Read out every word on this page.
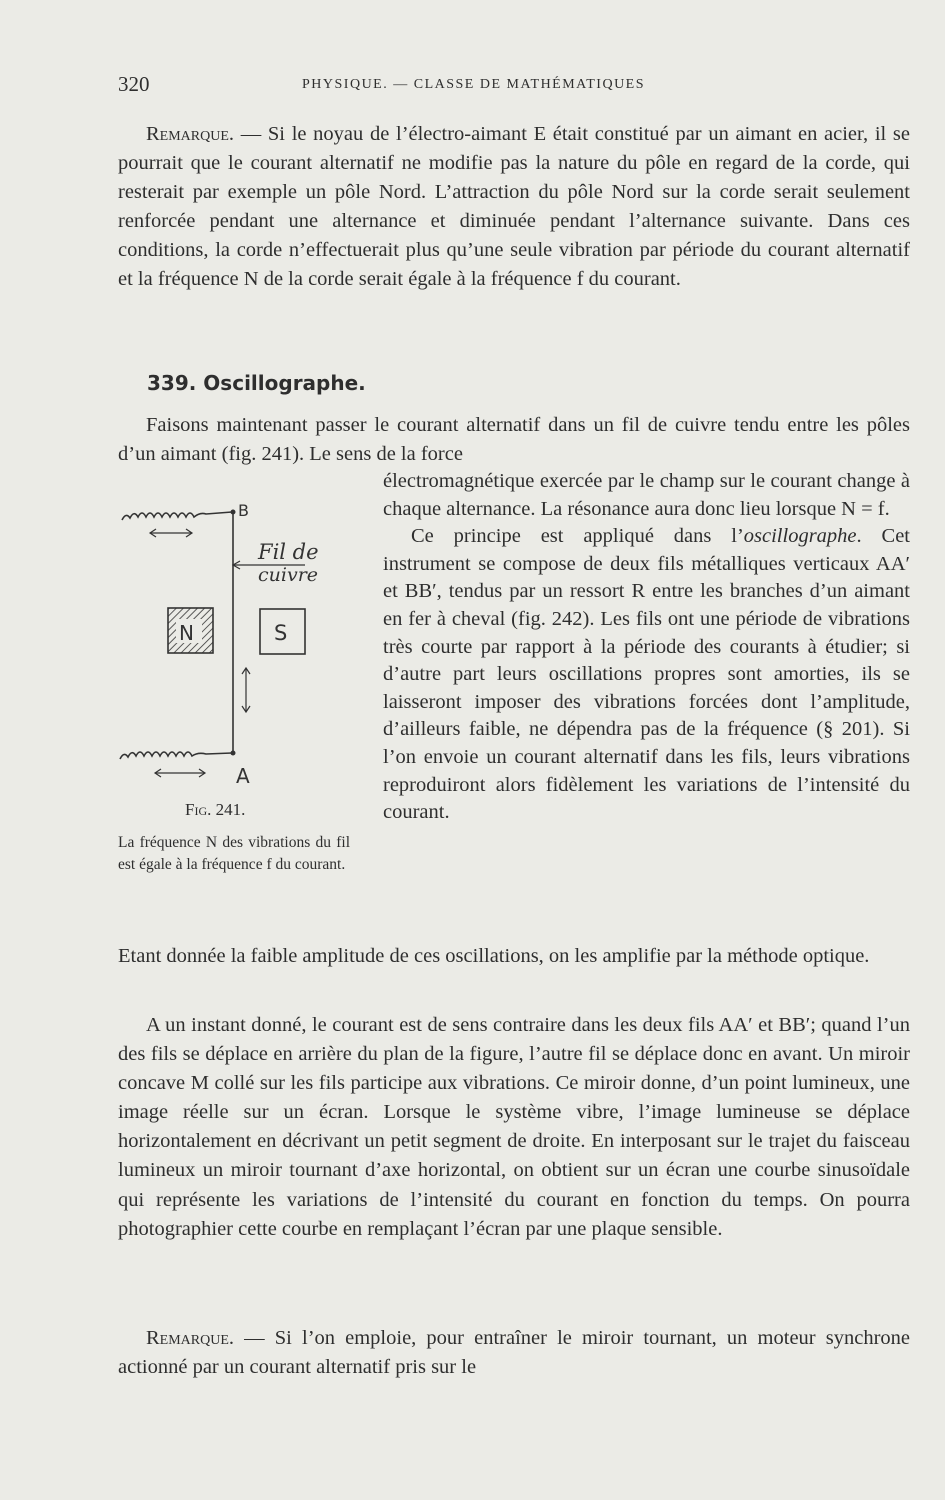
320	PHYSIQUE. — CLASSE DE MATHÉMATIQUES

Remarque. — Si le noyau de l’électro-aimant E était constitué par un aimant en acier, il se pourrait que le courant alternatif ne modifie pas la nature du pôle en regard de la corde, qui resterait par exemple un pôle Nord. L’attraction du pôle Nord sur la corde serait seulement renforcée pendant une alternance et diminuée pendant l’alternance suivante. Dans ces conditions, la corde n’effectuerait plus qu’une seule vibration par période du courant alternatif et la fréquence N de la corde serait égale à la fréquence f du courant.

339. Oscillographe.

Faisons maintenant passer le courant alternatif dans un fil de cuivre tendu entre les pôles d’un aimant (fig. 241). Le sens de la force

B
A
Fil de
cuivre
N	S

Fig. 241.

La fréquence N des vibrations du fil est égale à la fréquence f du courant.

électromagnétique exercée par le champ sur le courant change à chaque alternance. La résonance aura donc lieu lorsque N = f.

Ce principe est appliqué dans l’oscillographe. Cet instrument se compose de deux fils métalliques verticaux AA′ et BB′, tendus par un ressort R entre les branches d’un aimant en fer à cheval (fig. 242). Les fils ont une période de vibrations très courte par rapport à la période des courants à étudier; si d’autre part leurs oscillations propres sont amorties, ils se laisseront imposer des vibrations forcées dont l’amplitude, d’ailleurs faible, ne dépendra pas de la fréquence (§ 201). Si l’on envoie un courant alternatif dans les fils, leurs vibrations reproduiront alors fidèlement les variations de l’intensité du courant.

Etant donnée la faible amplitude de ces oscillations, on les amplifie par la méthode optique.

A un instant donné, le courant est de sens contraire dans les deux fils AA′ et BB′; quand l’un des fils se déplace en arrière du plan de la figure, l’autre fil se déplace donc en avant. Un miroir concave M collé sur les fils participe aux vibrations. Ce miroir donne, d’un point lumineux, une image réelle sur un écran. Lorsque le système vibre, l’image lumineuse se déplace horizontalement en décrivant un petit segment de droite. En interposant sur le trajet du faisceau lumineux un miroir tournant d’axe horizontal, on obtient sur un écran une courbe sinusoïdale qui représente les variations de l’intensité du courant en fonction du temps. On pourra photographier cette courbe en remplaçant l’écran par une plaque sensible.

Remarque. — Si l’on emploie, pour entraîner le miroir tournant, un moteur synchrone actionné par un courant alternatif pris sur le
